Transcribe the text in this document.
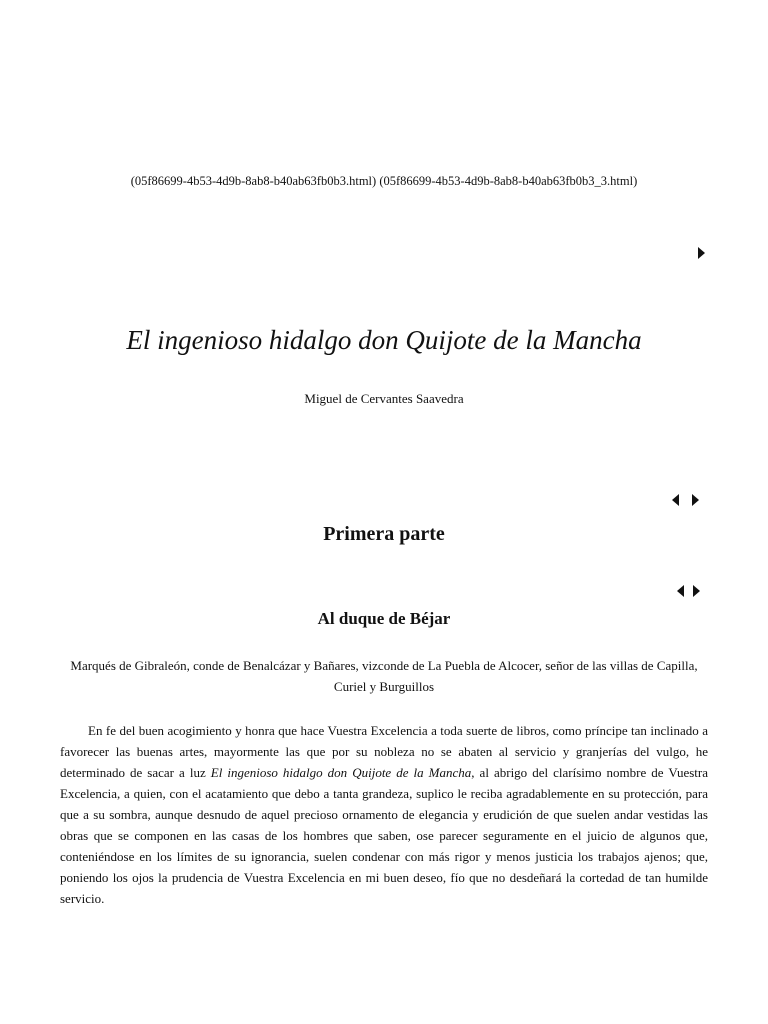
(05f86699-4b53-4d9b-8ab8-b40ab63fb0b3.html) (05f86699-4b53-4d9b-8ab8-b40ab63fb0b3_3.html)
El ingenioso hidalgo don Quijote de la Mancha
Miguel de Cervantes Saavedra
Primera parte
Al duque de Béjar
Marqués de Gibraleón, conde de Benalcázar y Bañares, vizconde de La Puebla de Alcocer, señor de las villas de Capilla, Curiel y Burguillos

En fe del buen acogimiento y honra que hace Vuestra Excelencia a toda suerte de libros, como príncipe tan inclinado a favorecer las buenas artes, mayormente las que por su nobleza no se abaten al servicio y granjerías del vulgo, he determinado de sacar a luz El ingenioso hidalgo don Quijote de la Mancha, al abrigo del clarísimo nombre de Vuestra Excelencia, a quien, con el acatamiento que debo a tanta grandeza, suplico le reciba agradablemente en su protección, para que a su sombra, aunque desnudo de aquel precioso ornamento de elegancia y erudición de que suelen andar vestidas las obras que se componen en las casas de los hombres que saben, ose parecer seguramente en el juicio de algunos que, conteniéndose en los límites de su ignorancia, suelen condenar con más rigor y menos justicia los trabajos ajenos; que, poniendo los ojos la prudencia de Vuestra Excelencia en mi buen deseo, fío que no desdeñará la cortedad de tan humilde servicio.
